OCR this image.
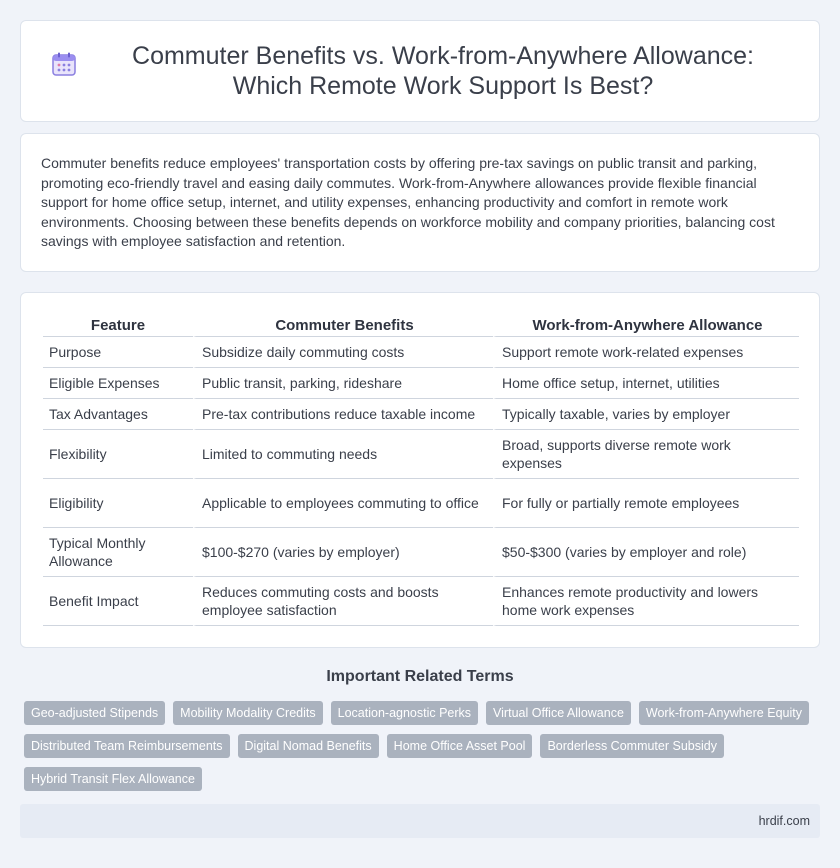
Commuter Benefits vs. Work-from-Anywhere Allowance: Which Remote Work Support Is Best?

Commuter benefits reduce employees' transportation costs by offering pre-tax savings on public transit and parking, promoting eco-friendly travel and easing daily commutes. Work-from-Anywhere allowances provide flexible financial support for home office setup, internet, and utility expenses, enhancing productivity and comfort in remote work environments. Choosing between these benefits depends on workforce mobility and company priorities, balancing cost savings with employee satisfaction and retention.

Feature	Commuter Benefits	Work-from-Anywhere Allowance
Purpose	Subsidize daily commuting costs	Support remote work-related expenses
Eligible Expenses	Public transit, parking, rideshare	Home office setup, internet, utilities
Tax Advantages	Pre-tax contributions reduce taxable income	Typically taxable, varies by employer
Flexibility	Limited to commuting needs	Broad, supports diverse remote work expenses
Eligibility	Applicable to employees commuting to office	For fully or partially remote employees
Typical Monthly Allowance	$100-$270 (varies by employer)	$50-$300 (varies by employer and role)
Benefit Impact	Reduces commuting costs and boosts employee satisfaction	Enhances remote productivity and lowers home work expenses
Important Related Terms
Geo-adjusted Stipends	Mobility Modality Credits	Location-agnostic Perks	Virtual Office Allowance	Work-from-Anywhere Equity
Distributed Team Reimbursements	Digital Nomad Benefits	Home Office Asset Pool	Borderless Commuter Subsidy
Hybrid Transit Flex Allowance
hrdif.com
